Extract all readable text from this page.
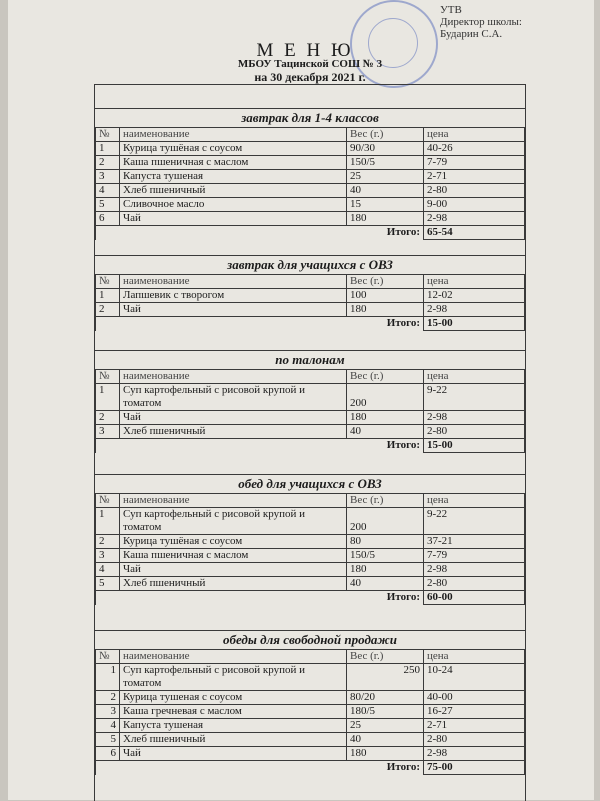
УТВ
Директор школы:
Бударин С.А.
М Е Н Ю
МБОУ Тацинской СОШ № 3
на 30 декабря 2021 г.
завтрак для 1-4 классов
№	наименование	Вес (г.)	цена
1	Курица тушёная с соусом	90/30	40-26
2	Каша пшеничная с маслом	150/5	7-79
3	Капуста тушеная	25	2-71
4	Хлеб пшеничный	40	2-80
5	Сливочное масло	15	9-00
6	Чай	180	2-98
Итого:			65-54
завтрак для учащихся с ОВЗ
№	наименование	Вес (г.)	цена
1	Лапшевик с творогом	100	12-02
2	Чай	180	2-98
Итого:			15-00
по талонам
№	наименование	Вес (г.)	цена
1	Суп картофельный с рисовой крупой и томатом	200	9-22
2	Чай	180	2-98
3	Хлеб пшеничный	40	2-80
Итого:			15-00
обед для учащихся с ОВЗ
№	наименование	Вес (г.)	цена
1	Суп картофельный с рисовой крупой и томатом	200	9-22
2	Курица тушёная с соусом	80	37-21
3	Каша пшеничная с маслом	150/5	7-79
4	Чай	180	2-98
5	Хлеб пшеничный	40	2-80
Итого:			60-00
обеды для свободной продажи
№	наименование	Вес (г.)	цена
1	Суп картофельный с рисовой крупой и томатом	250	10-24
2	Курица тушеная с соусом	80/20	40-00
3	Каша гречневая с маслом	180/5	16-27
4	Капуста тушеная	25	2-71
5	Хлеб пшеничный	40	2-80
6	Чай	180	2-98
Итого:			75-00
